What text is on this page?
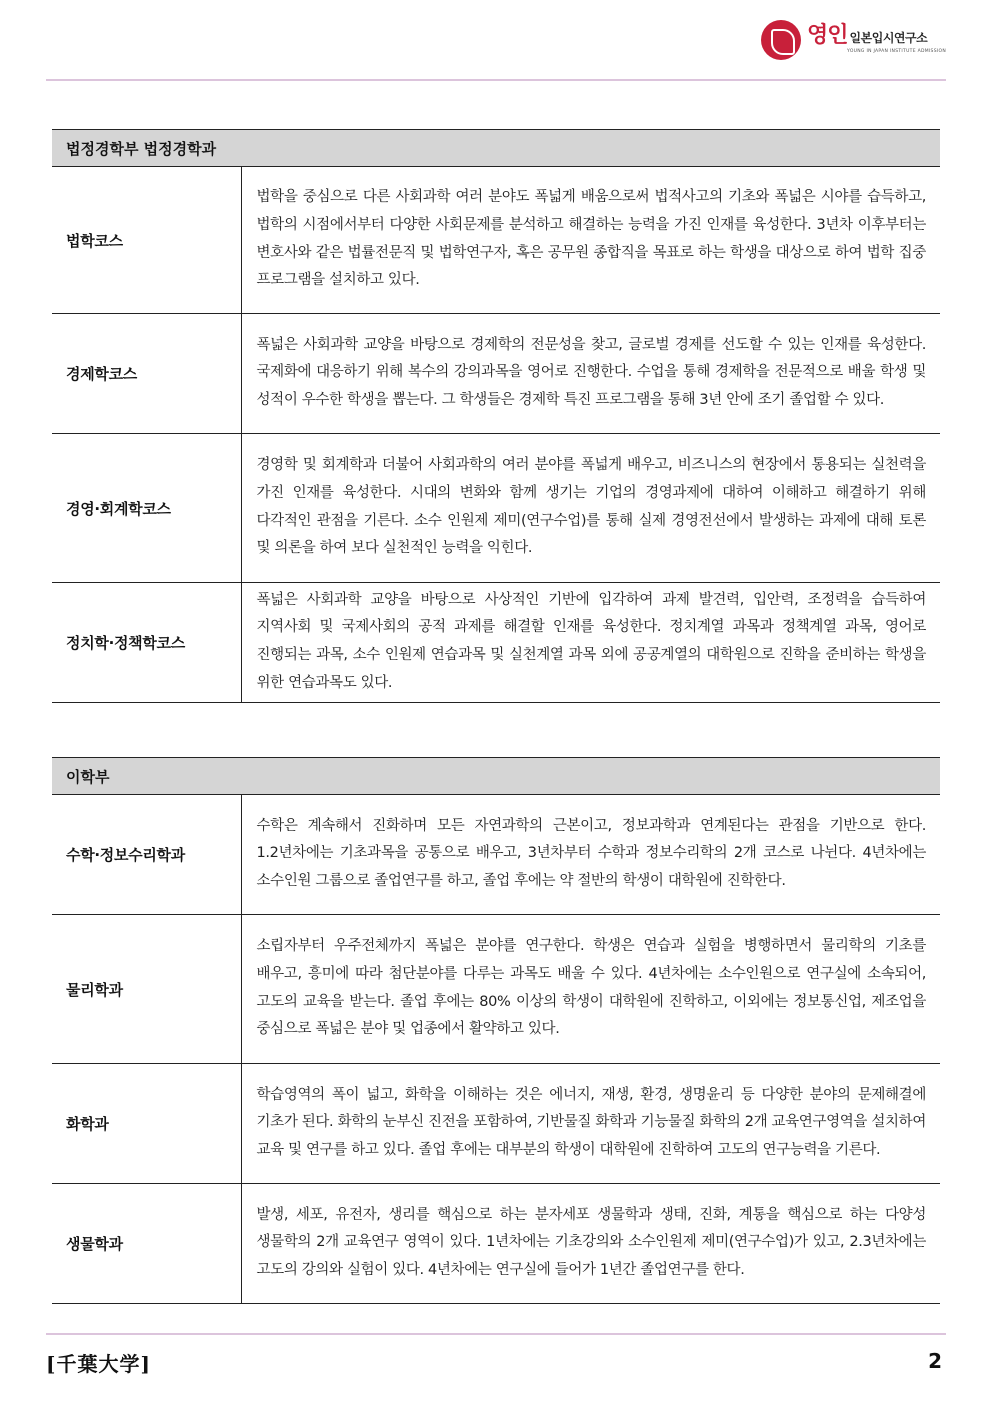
영인 일본입시연구소
YOUNG IN JAPAN INSTITUTE ADMISSION
법정경학부 법정경학과	
법학코스	법학을 중심으로 다른 사회과학 여러 분야도 폭넓게 배움으로써 법적사고의 기초와 폭넓은 시야를 습득하고, 법학의 시점에서부터 다양한 사회문제를 분석하고 해결하는 능력을 가진 인재를 육성한다. 3년차 이후부터는 변호사와 같은 법률전문직 및 법학연구자, 혹은 공무원 종합직을 목표로 하는 학생을 대상으로 하여 법학 집중 프로그램을 설치하고 있다.
경제학코스	폭넓은 사회과학 교양을 바탕으로 경제학의 전문성을 찾고, 글로벌 경제를 선도할 수 있는 인재를 육성한다. 국제화에 대응하기 위해 복수의 강의과목을 영어로 진행한다. 수업을 통해 경제학을 전문적으로 배울 학생 및 성적이 우수한 학생을 뽑는다. 그 학생들은 경제학 특진 프로그램을 통해 3년 안에 조기 졸업할 수 있다.
경영·회계학코스	경영학 및 회계학과 더불어 사회과학의 여러 분야를 폭넓게 배우고, 비즈니스의 현장에서 통용되는 실천력을 가진 인재를 육성한다. 시대의 변화와 함께 생기는 기업의 경영과제에 대하여 이해하고 해결하기 위해 다각적인 관점을 기른다. 소수 인원제 제미(연구수업)를 통해 실제 경영전선에서 발생하는 과제에 대해 토론 및 의론을 하여 보다 실천적인 능력을 익힌다.
정치학·정책학코스	폭넓은 사회과학 교양을 바탕으로 사상적인 기반에 입각하여 과제 발견력, 입안력, 조정력을 습득하여 지역사회 및 국제사회의 공적 과제를 해결할 인재를 육성한다. 정치계열 과목과 정책계열 과목, 영어로 진행되는 과목, 소수 인원제 연습과목 및 실천계열 과목 외에 공공계열의 대학원으로 진학을 준비하는 학생을 위한 연습과목도 있다.
이학부	
수학·정보수리학과	수학은 계속해서 진화하며 모든 자연과학의 근본이고, 정보과학과 연계된다는 관점을 기반으로 한다. 1.2년차에는 기초과목을 공통으로 배우고, 3년차부터 수학과 정보수리학의 2개 코스로 나뉜다. 4년차에는 소수인원 그룹으로 졸업연구를 하고, 졸업 후에는 약 절반의 학생이 대학원에 진학한다.
물리학과	소립자부터 우주전체까지 폭넓은 분야를 연구한다. 학생은 연습과 실험을 병행하면서 물리학의 기초를 배우고, 흥미에 따라 첨단분야를 다루는 과목도 배울 수 있다. 4년차에는 소수인원으로 연구실에 소속되어, 고도의 교육을 받는다. 졸업 후에는 80% 이상의 학생이 대학원에 진학하고, 이외에는 정보통신업, 제조업을 중심으로 폭넓은 분야 및 업종에서 활약하고 있다.
화학과	학습영역의 폭이 넓고, 화학을 이해하는 것은 에너지, 재생, 환경, 생명윤리 등 다양한 분야의 문제해결에 기초가 된다. 화학의 눈부신 진전을 포함하여, 기반물질 화학과 기능물질 화학의 2개 교육연구영역을 설치하여 교육 및 연구를 하고 있다. 졸업 후에는 대부분의 학생이 대학원에 진학하여 고도의 연구능력을 기른다.
생물학과	발생, 세포, 유전자, 생리를 핵심으로 하는 분자세포 생물학과 생태, 진화, 계통을 핵심으로 하는 다양성 생물학의 2개 교육연구 영역이 있다. 1년차에는 기초강의와 소수인원제 제미(연구수업)가 있고, 2.3년차에는 고도의 강의와 실험이 있다. 4년차에는 연구실에 들어가 1년간 졸업연구를 한다.
[千葉大学]	2
